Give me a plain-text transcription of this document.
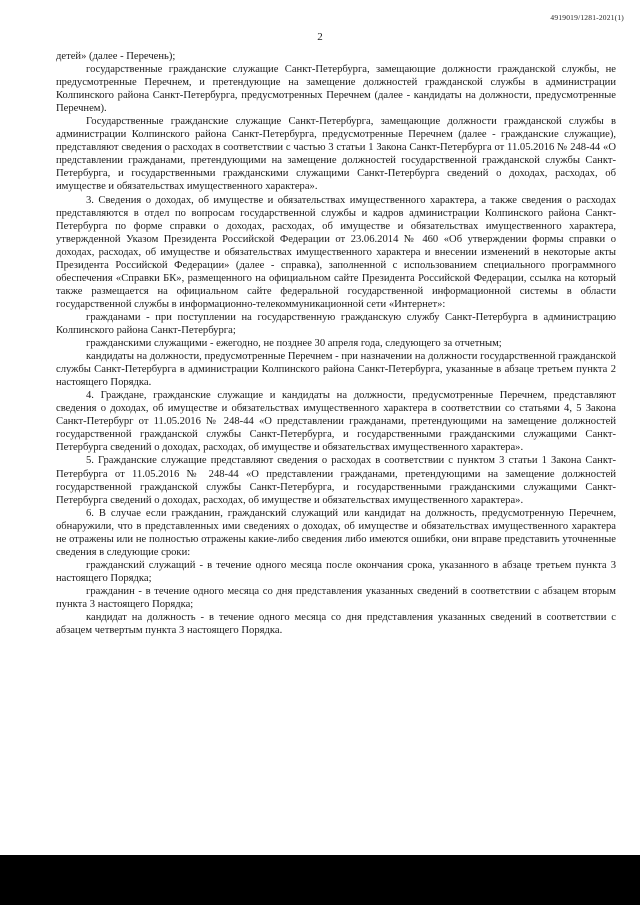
4919019/1281-2021(1)
2

детей» (далее - Перечень);

государственные гражданские служащие Санкт-Петербурга, замещающие должности гражданской службы, не предусмотренные Перечнем, и претендующие на замещение должностей гражданской службы в администрации Колпинского района Санкт-Петербурга, предусмотренных Перечнем (далее - кандидаты на должности, предусмотренные Перечнем).

Государственные гражданские служащие Санкт-Петербурга, замещающие должности гражданской службы в администрации Колпинского района Санкт-Петербурга, предусмотренные Перечнем (далее - гражданские служащие), представляют сведения о расходах в соответствии с частью 3 статьи 1 Закона Санкт-Петербурга от 11.05.2016 № 248-44 «О представлении гражданами, претендующими на замещение должностей государственной гражданской службы Санкт-Петербурга, и государственными гражданскими служащими Санкт-Петербурга сведений о доходах, расходах, об имуществе и обязательствах имущественного характера».

3. Сведения о доходах, об имуществе и обязательствах имущественного характера, а также сведения о расходах представляются в отдел по вопросам государственной службы и кадров администрации Колпинского района Санкт-Петербурга по форме справки о доходах, расходах, об имуществе и обязательствах имущественного характера, утвержденной Указом Президента Российской Федерации от 23.06.2014 № 460 «Об утверждении формы справки о доходах, расходах, об имуществе и обязательствах имущественного характера и внесении изменений в некоторые акты Президента Российской Федерации» (далее - справка), заполненной с использованием специального программного обеспечения «Справки БК», размещенного на официальном сайте Президента Российской Федерации, ссылка на который также размещается на официальном сайте федеральной государственной информационной системы в области государственной службы в информационно-телекоммуникационной сети «Интернет»:

гражданами - при поступлении на государственную гражданскую службу Санкт-Петербурга в администрацию Колпинского района Санкт-Петербурга;

гражданскими служащими - ежегодно, не позднее 30 апреля года, следующего за отчетным;

кандидаты на должности, предусмотренные Перечнем - при назначении на должности государственной гражданской службы Санкт-Петербурга в администрации Колпинского района Санкт-Петербурга, указанные в абзаце третьем пункта 2 настоящего Порядка.

4. Граждане, гражданские служащие и кандидаты на должности, предусмотренные Перечнем, представляют сведения о доходах, об имуществе и обязательствах имущественного характера в соответствии со статьями 4, 5 Закона Санкт-Петербург от 11.05.2016 № 248-44 «О представлении гражданами, претендующими на замещение должностей государственной гражданской службы Санкт-Петербурга, и государственными гражданскими служащими Санкт-Петербурга сведений о доходах, расходах, об имуществе и обязательствах имущественного характера».

5. Гражданские служащие представляют сведения о расходах в соответствии с пунктом 3 статьи 1 Закона Санкт-Петербурга от 11.05.2016 № 248-44 «О представлении гражданами, претендующими на замещение должностей государственной гражданской службы Санкт-Петербурга, и государственными гражданскими служащими Санкт-Петербурга сведений о доходах, расходах, об имуществе и обязательствах имущественного характера».

6. В случае если гражданин, гражданский служащий или кандидат на должность, предусмотренную Перечнем, обнаружили, что в представленных ими сведениях о доходах, об имуществе и обязательствах имущественного характера не отражены или не полностью отражены какие-либо сведения либо имеются ошибки, они вправе представить уточненные сведения в следующие сроки:

гражданский служащий - в течение одного месяца после окончания срока, указанного в абзаце третьем пункта 3 настоящего Порядка;

гражданин - в течение одного месяца со дня представления указанных сведений в соответствии с абзацем вторым пункта 3 настоящего Порядка;

кандидат на должность - в течение одного месяца со дня представления указанных сведений в соответствии с абзацем четвертым пункта 3 настоящего Порядка.
